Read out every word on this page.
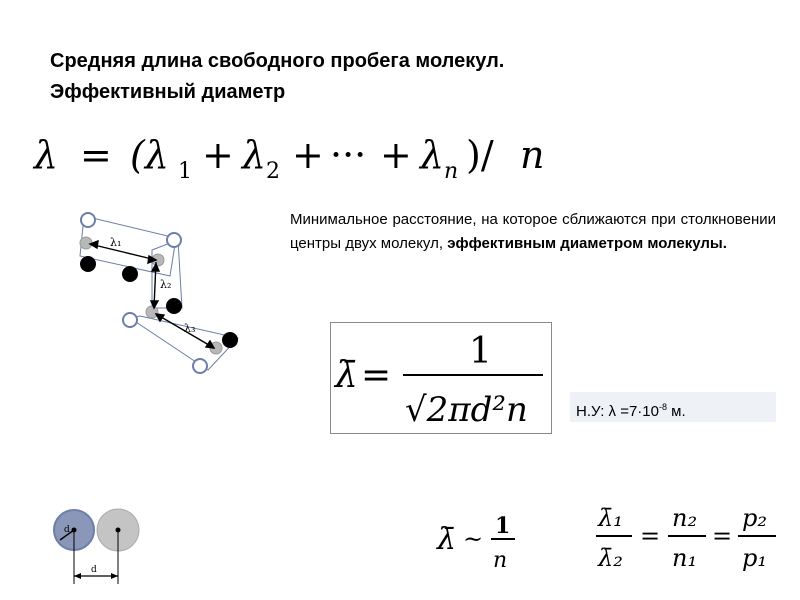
Средняя длина свободного пробега молекул.
Эффективный диаметр
λ = (λ 1 + λ 2 + ··· + λ n )/ n
Минимальное расстояние, на которое сближаются при столкновении центры двух молекул, эффективным диаметром молекулы.
λ₁
λ₂
λ₃
λ̄ =
1
√2πd²n	Н.У: $\lambda =7\cdot 10^{-8}$ м.
d
d
λ̄ ~ 1
n
λ̄₁
λ̄₂
=
n₂
n₁
=
p₂
p₁
